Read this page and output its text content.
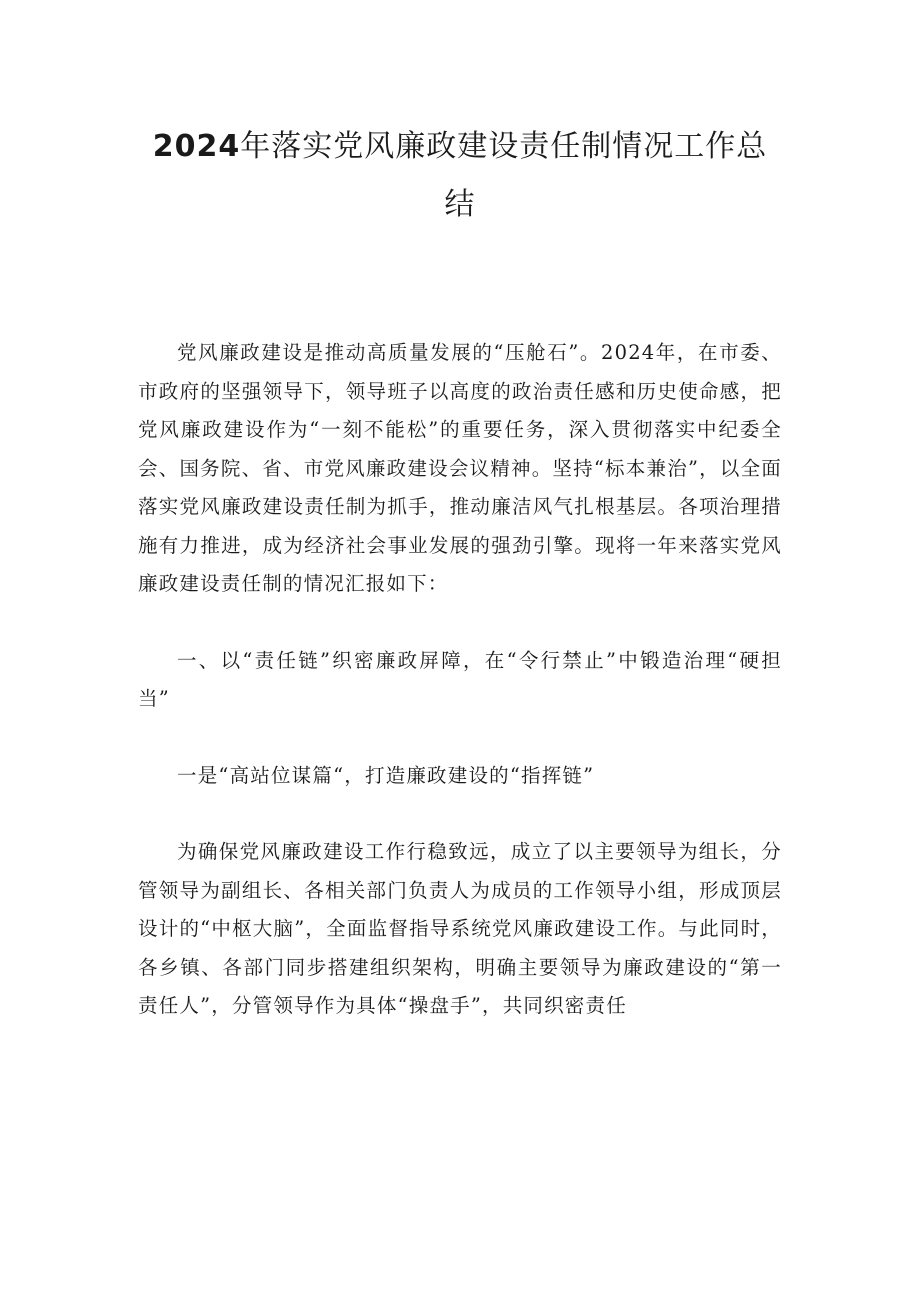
2024年落实党风廉政建设责任制情况工作总结

党风廉政建设是推动高质量发展的“压舱石”。2024年，在市委、市政府的坚强领导下，领导班子以高度的政治责任感和历史使命感，把党风廉政建设作为“一刻不能松”的重要任务，深入贯彻落实中纪委全会、国务院、省、市党风廉政建设会议精神。坚持“标本兼治”，以全面落实党风廉政建设责任制为抓手，推动廉洁风气扎根基层。各项治理措施有力推进，成为经济社会事业发展的强劲引擎。现将一年来落实党风廉政建设责任制的情况汇报如下：

一、以“责任链”织密廉政屏障，在“令行禁止”中锻造治理“硬担当”

一是“高站位谋篇“，打造廉政建设的“指挥链”

为确保党风廉政建设工作行稳致远，成立了以主要领导为组长，分管领导为副组长、各相关部门负责人为成员的工作领导小组，形成顶层设计的“中枢大脑”，全面监督指导系统党风廉政建设工作。与此同时，各乡镇、各部门同步搭建组织架构，明确主要领导为廉政建设的“第一责任人”，分管领导作为具体“操盘手”，共同织密责任
